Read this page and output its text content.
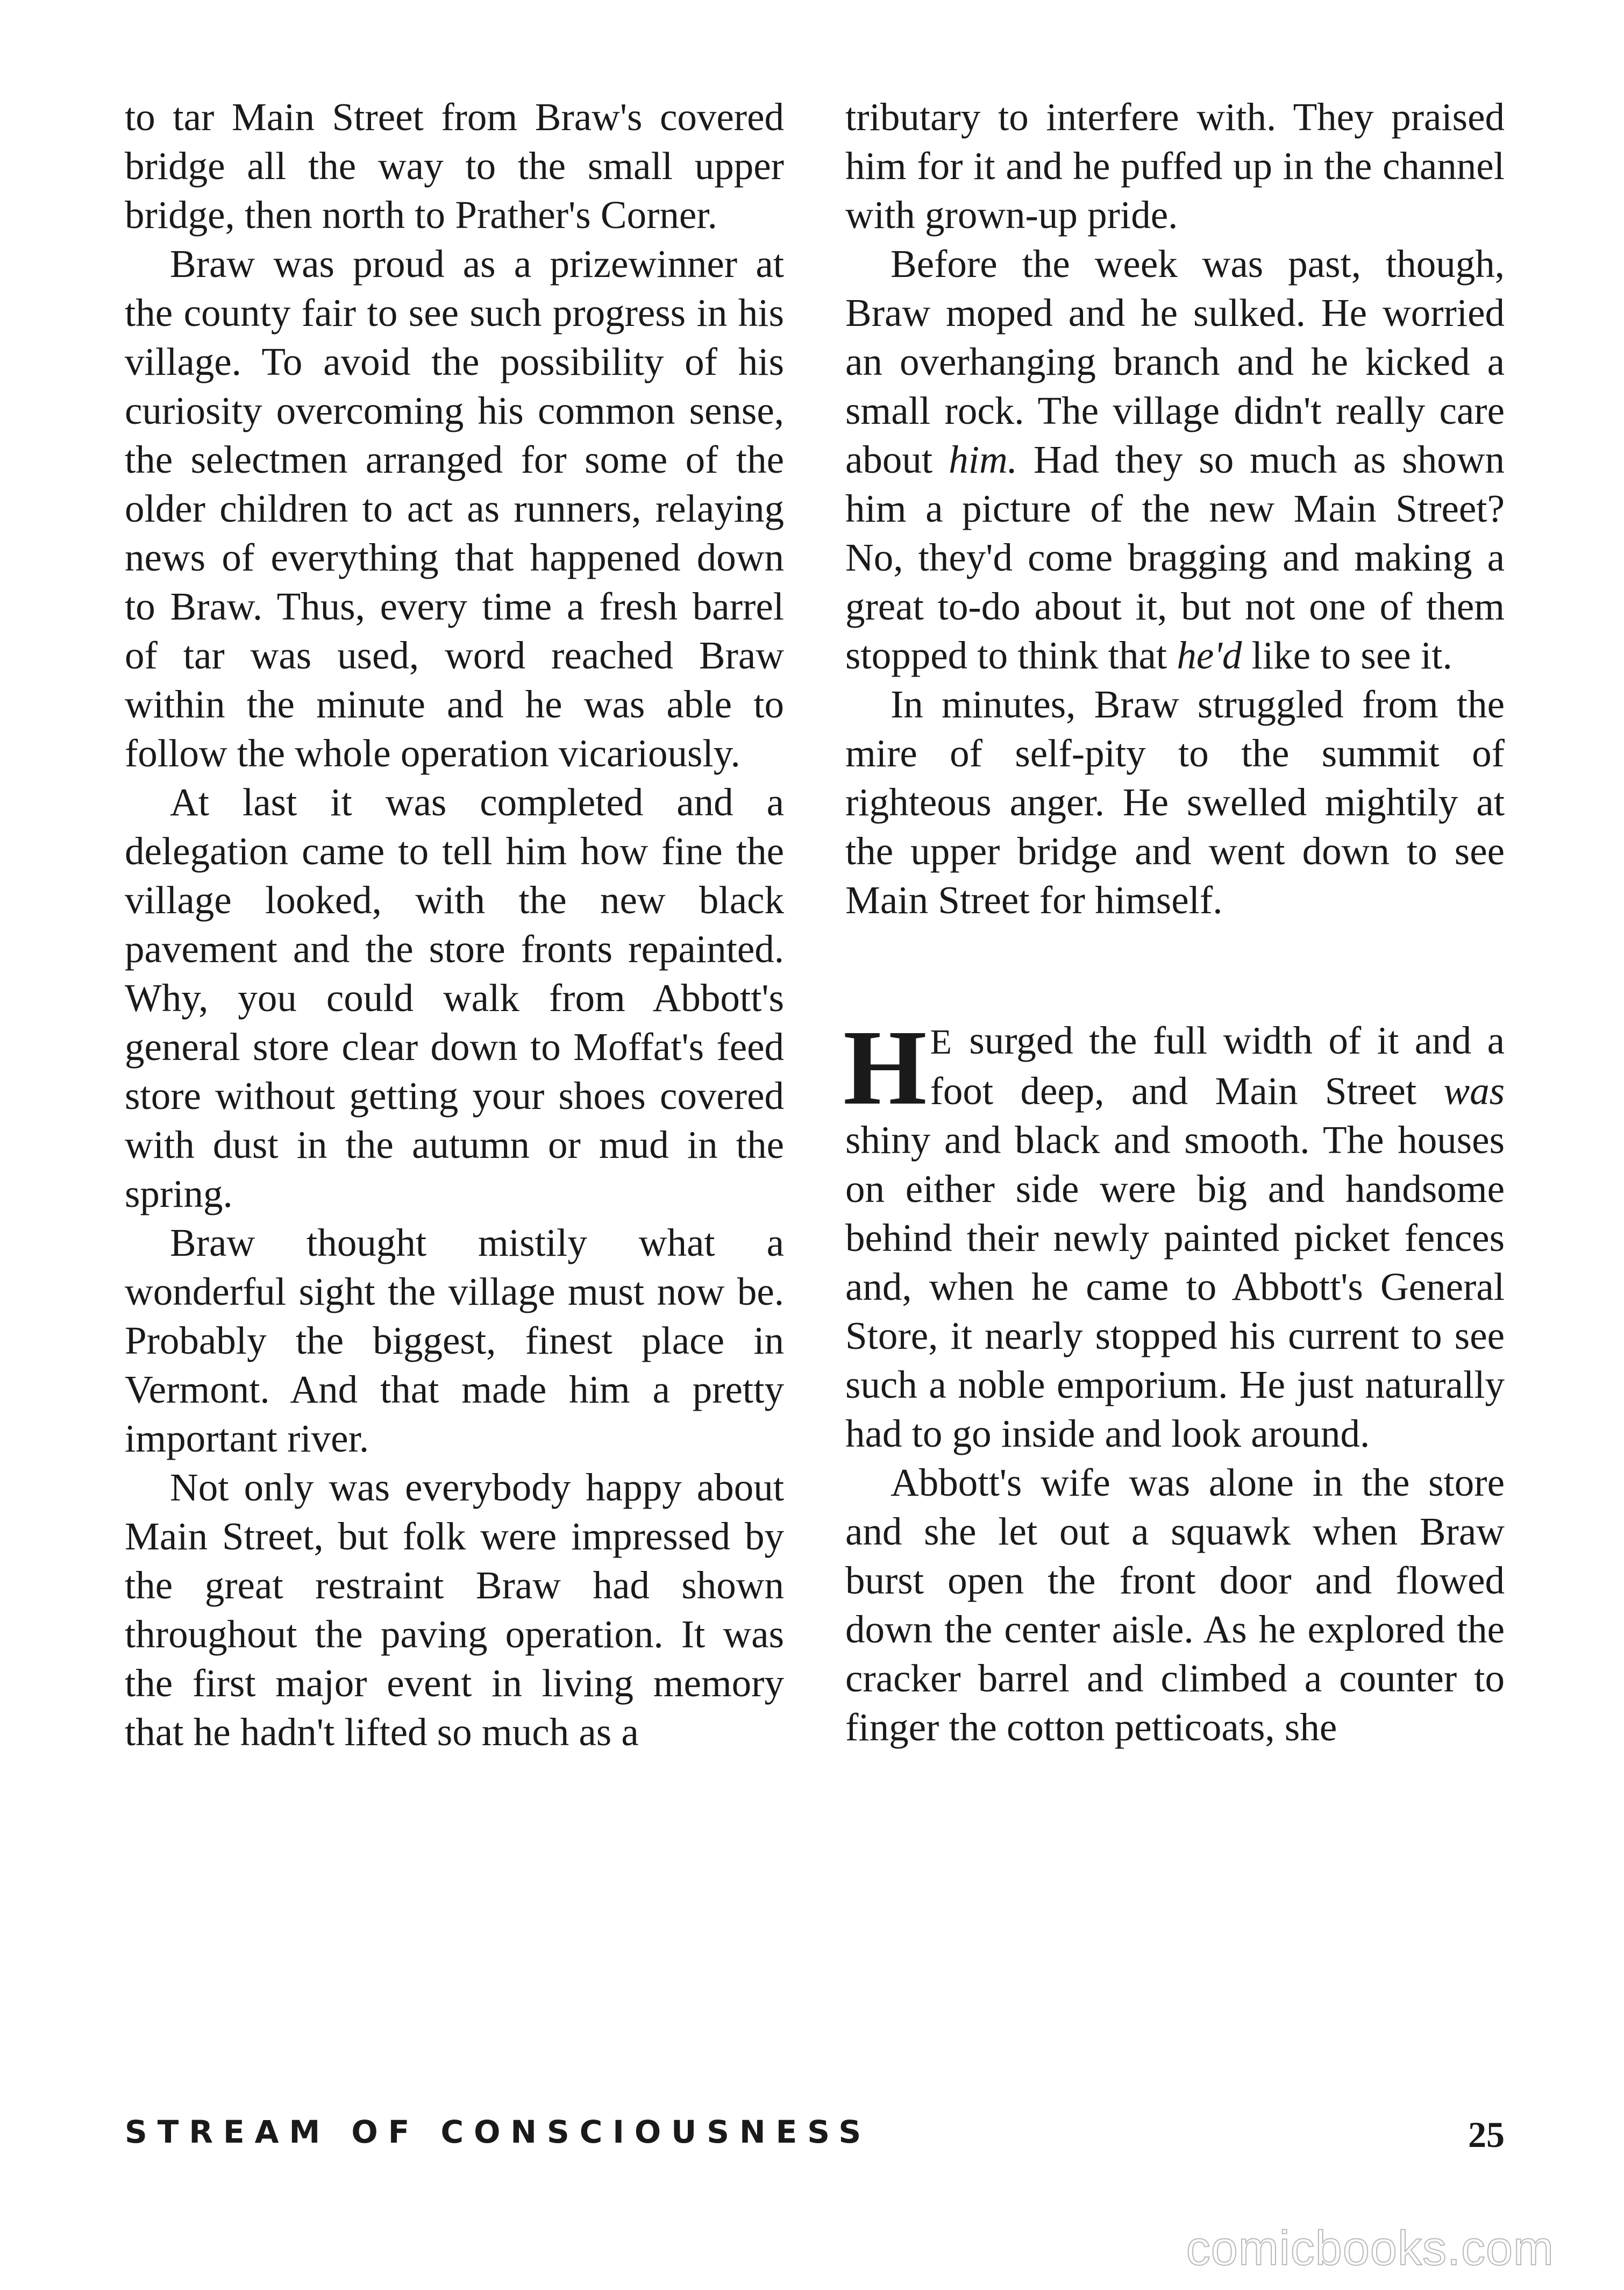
to tar Main Street from Braw's covered bridge all the way to the small upper bridge, then north to Prather's Corner.

Braw was proud as a prizewinner at the county fair to see such progress in his village. To avoid the possibility of his curiosity overcoming his common sense, the selectmen arranged for some of the older children to act as runners, relaying news of everything that happened down to Braw. Thus, every time a fresh barrel of tar was used, word reached Braw within the minute and he was able to follow the whole operation vicariously.

At last it was completed and a delegation came to tell him how fine the village looked, with the new black pavement and the store fronts repainted. Why, you could walk from Abbott's general store clear down to Moffat's feed store without getting your shoes covered with dust in the autumn or mud in the spring.

Braw thought mistily what a wonderful sight the village must now be. Probably the biggest, finest place in Vermont. And that made him a pretty important river.

Not only was everybody happy about Main Street, but folk were impressed by the great restraint Braw had shown throughout the paving operation. It was the first major event in living memory that he hadn't lifted so much as a

tributary to interfere with. They praised him for it and he puffed up in the channel with grown-up pride.

Before the week was past, though, Braw moped and he sulked. He worried an overhanging branch and he kicked a small rock. The village didn't really care about him. Had they so much as shown him a picture of the new Main Street? No, they'd come bragging and making a great to-do about it, but not one of them stopped to think that he'd like to see it.

In minutes, Braw struggled from the mire of self-pity to the summit of righteous anger. He swelled mightily at the upper bridge and went down to see Main Street for himself.

H E surged the full width of it and a foot deep, and Main Street was shiny and black and smooth. The houses on either side were big and handsome behind their newly painted picket fences and, when he came to Abbott's General Store, it nearly stopped his current to see such a noble emporium. He just naturally had to go inside and look around.

Abbott's wife was alone in the store and she let out a squawk when Braw burst open the front door and flowed down the center aisle. As he explored the cracker barrel and climbed a counter to finger the cotton petticoats, she

STREAM OF CONSCIOUSNESS	25
comicbooks.com
